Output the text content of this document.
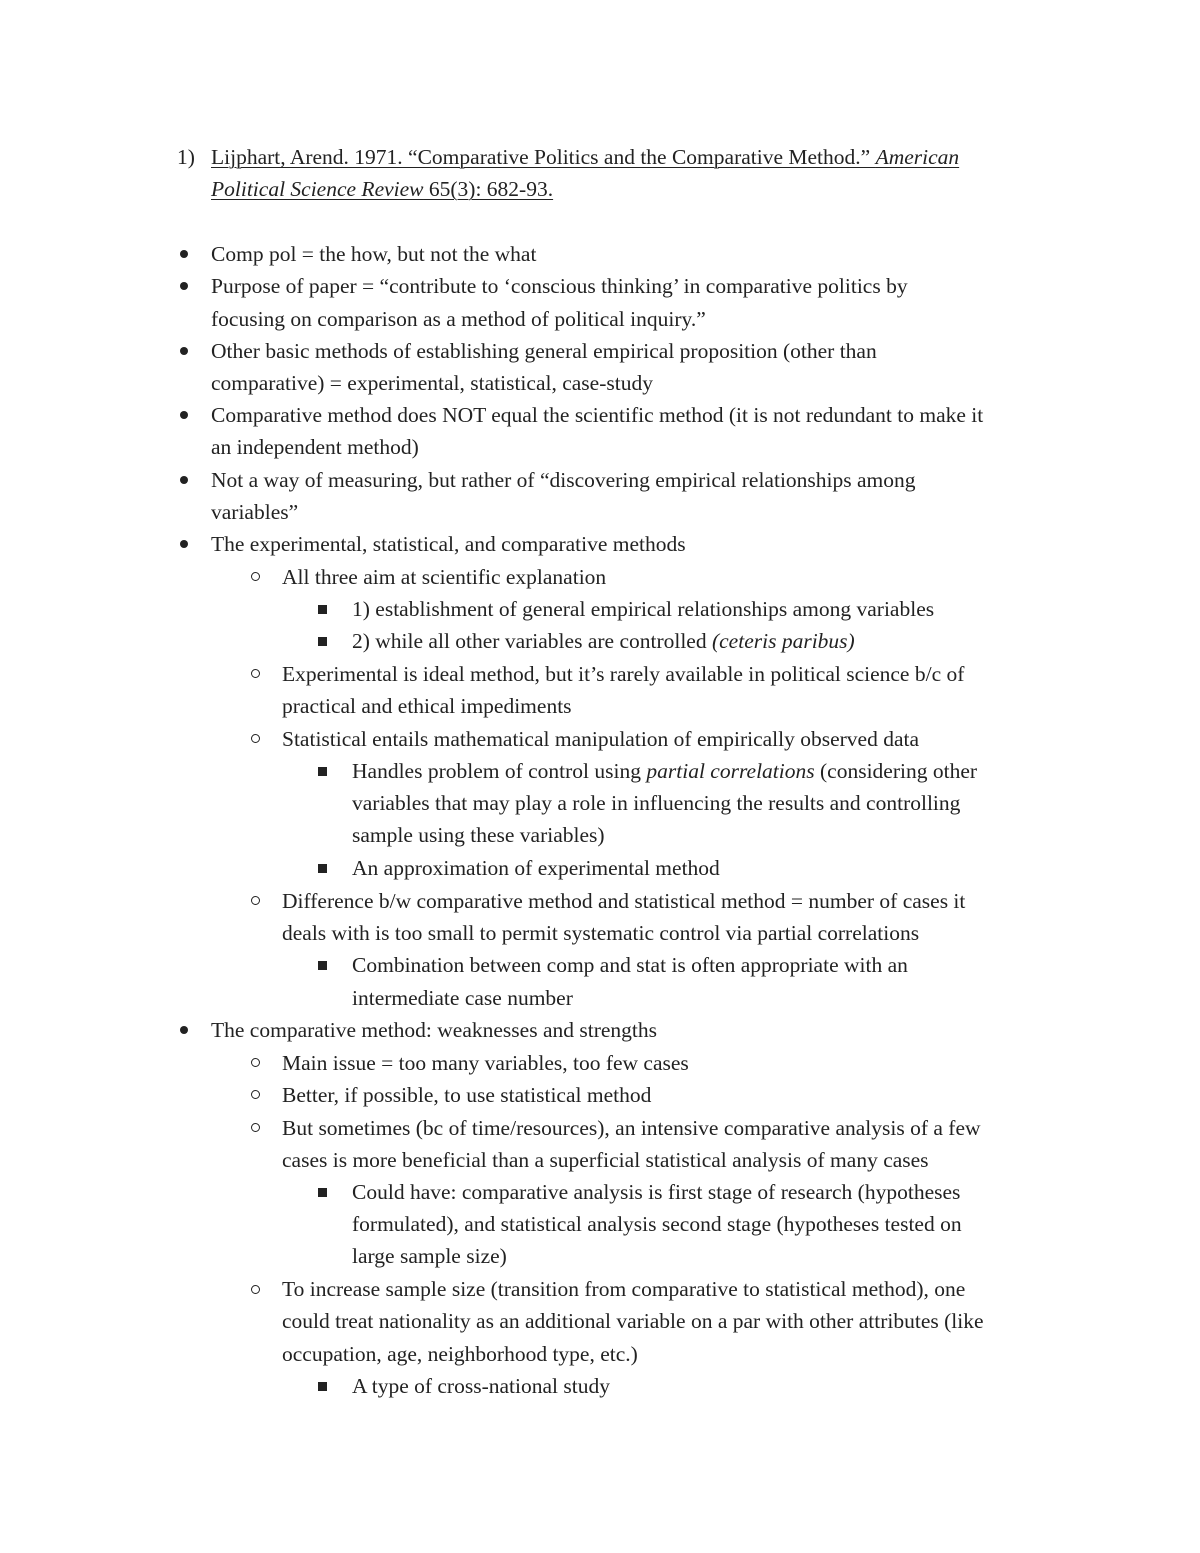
1) Lijphart, Arend. 1971. “Comparative Politics and the Comparative Method.” American
Political Science Review 65(3): 682-93.
Comp pol = the how, but not the what
Purpose of paper = “contribute to ‘conscious thinking’ in comparative politics by
focusing on comparison as a method of political inquiry.”
Other basic methods of establishing general empirical proposition (other than
comparative) = experimental, statistical, case-study
Comparative method does NOT equal the scientific method (it is not redundant to make it
an independent method)
Not a way of measuring, but rather of “discovering empirical relationships among
variables”
The experimental, statistical, and comparative methods
All three aim at scientific explanation
1) establishment of general empirical relationships among variables
2) while all other variables are controlled (ceteris paribus)
Experimental is ideal method, but it’s rarely available in political science b/c of
practical and ethical impediments
Statistical entails mathematical manipulation of empirically observed data
Handles problem of control using partial correlations (considering other
variables that may play a role in influencing the results and controlling
sample using these variables)
An approximation of experimental method
Difference b/w comparative method and statistical method = number of cases it
deals with is too small to permit systematic control via partial correlations
Combination between comp and stat is often appropriate with an
intermediate case number
The comparative method: weaknesses and strengths
Main issue = too many variables, too few cases
Better, if possible, to use statistical method
But sometimes (bc of time/resources), an intensive comparative analysis of a few
cases is more beneficial than a superficial statistical analysis of many cases
Could have: comparative analysis is first stage of research (hypotheses
formulated), and statistical analysis second stage (hypotheses tested on
large sample size)
To increase sample size (transition from comparative to statistical method), one
could treat nationality as an additional variable on a par with other attributes (like
occupation, age, neighborhood type, etc.)
A type of cross-national study
